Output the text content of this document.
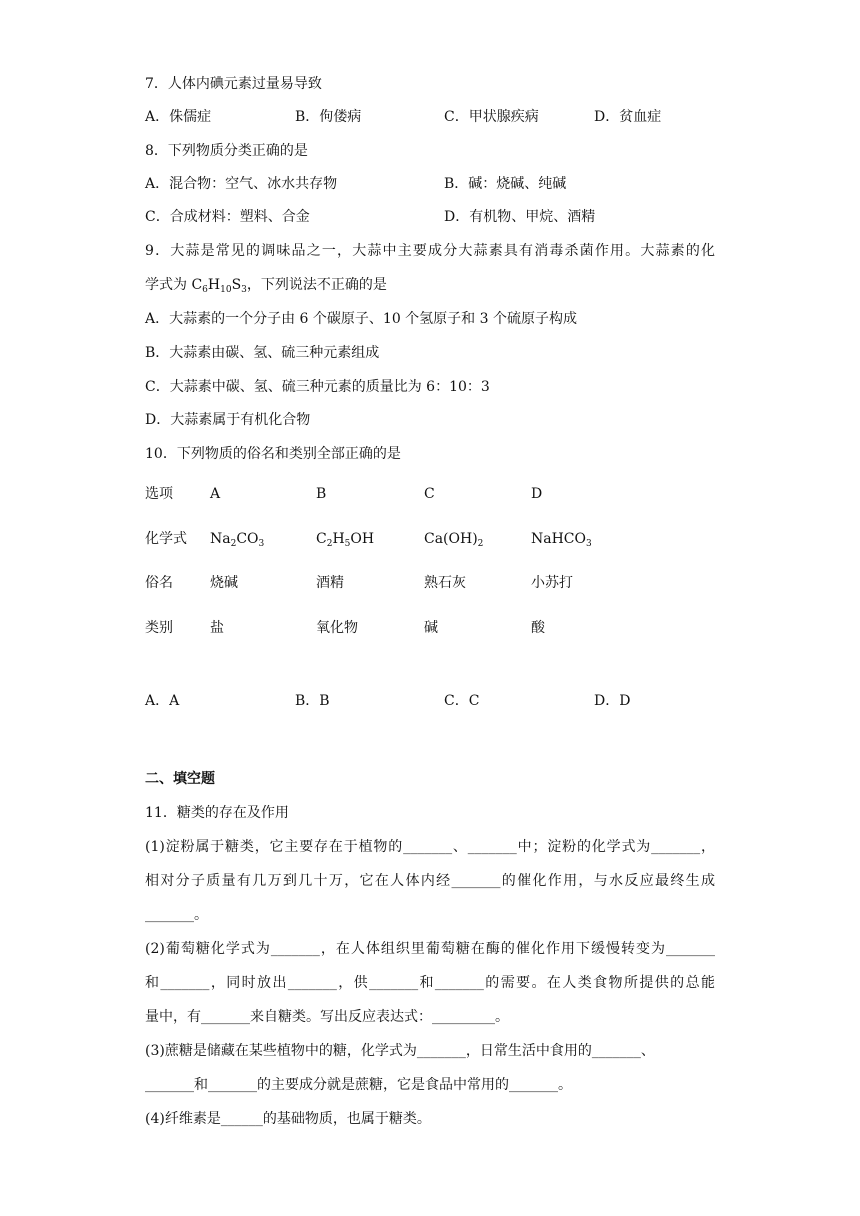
7．人体内碘元素过量易导致
A．侏儒症	B．佝偻病	C．甲状腺疾病	D．贫血症
8．下列物质分类正确的是
A．混合物：空气、冰水共存物	B．碱：烧碱、纯碱
C．合成材料：塑料、合金	D．有机物、甲烷、酒精
9．大蒜是常见的调味品之一，大蒜中主要成分大蒜素具有消毒杀菌作用。大蒜素的化
学式为 $C_6H_{10}S_3$，下列说法不正确的是
A．大蒜素的一个分子由 6 个碳原子、10 个氢原子和 3 个硫原子构成
B．大蒜素由碳、氢、硫三种元素组成
C．大蒜素中碳、氢、硫三种元素的质量比为 6：10：3
D．大蒜素属于有机化合物
10．下列物质的俗名和类别全部正确的是
选项	A	B	C	D
化学式 $Na_2CO_3$	$C_2H_5OH$	$Ca(OH)_2$	NaHCO$_3$
俗名	烧碱	酒精	熟石灰	小苏打
类别	盐	氧化物	碱	酸
A．A	B．B	C．C	D．D
二、填空题
11．糖类的存在及作用
(1)淀粉属于糖类，它主要存在于植物的_______、_______中；淀粉的化学式为_______，
相对分子质量有几万到几十万，它在人体内经_______的催化作用，与水反应最终生成
_______。
(2)葡萄糖化学式为_______，在人体组织里葡萄糖在酶的催化作用下缓慢转变为_______
和_______，同时放出_______，供_______和_______的需要。在人类食物所提供的总能
量中，有_______来自糖类。写出反应表达式：_________。
(3)蔗糖是储藏在某些植物中的糖，化学式为_______，日常生活中食用的_______、
_______和_______的主要成分就是蔗糖，它是食品中常用的_______。
(4)纤维素是______的基础物质，也属于糖类。
